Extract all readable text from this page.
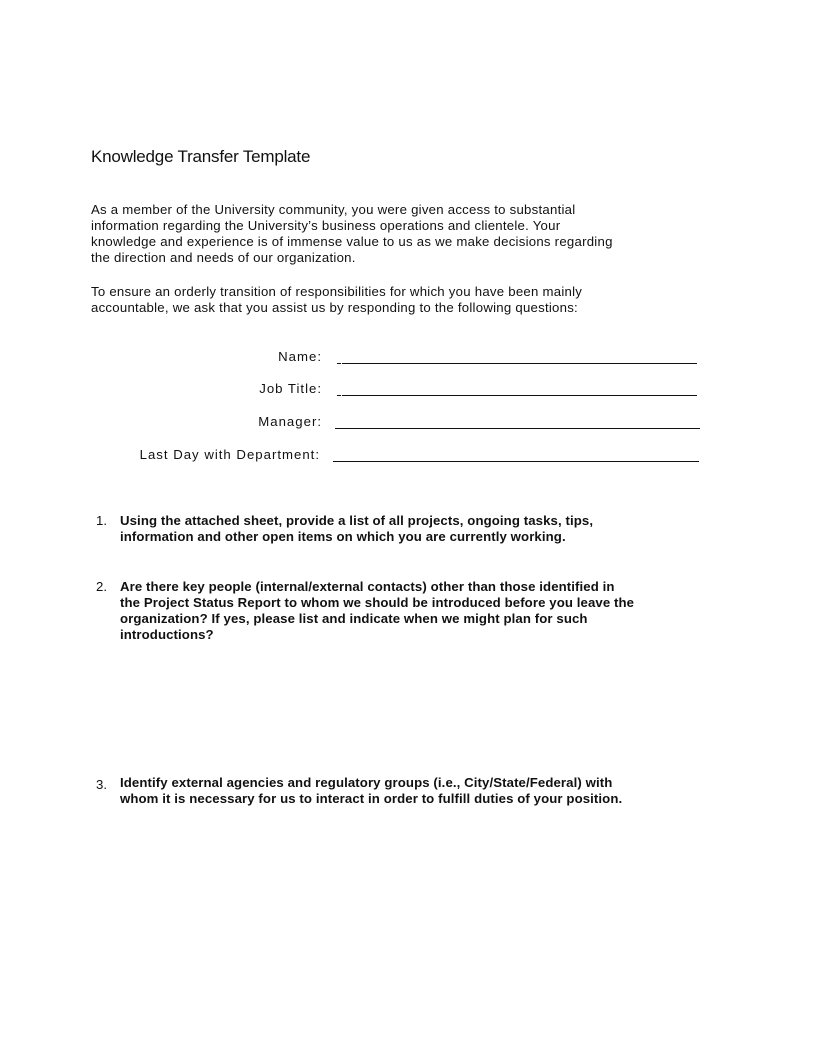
Knowledge Transfer Template
As a member of the University community, you were given access to substantial
information regarding the University’s business operations and clientele. Your
knowledge and experience is of immense value to us as we make decisions regarding
the direction and needs of our organization.
To ensure an orderly transition of responsibilities for which you have been mainly
accountable, we ask that you assist us by responding to the following questions:
Name:
Job Title:
Manager:
Last Day with Department:
1. Using the attached sheet, provide a list of all projects, ongoing tasks, tips,
information and other open items on which you are currently working.
2. Are there key people (internal/external contacts) other than those identified in
the Project Status Report to whom we should be introduced before you leave the
organization? If yes, please list and indicate when we might plan for such
introductions?
3. Identify external agencies and regulatory groups (i.e., City/State/Federal) with
whom it is necessary for us to interact in order to fulfill duties of your position.
